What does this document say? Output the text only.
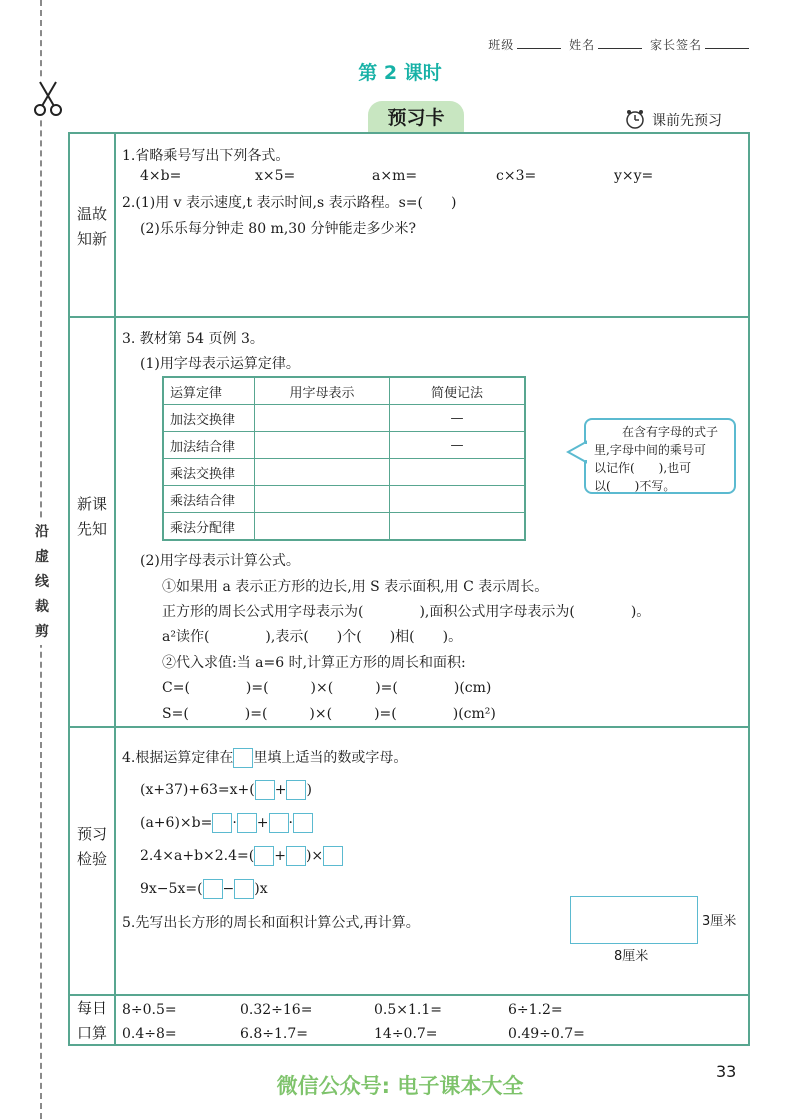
沿
虚
线
裁
剪
班级	姓名	家长签名
第 2 课时
预习卡	课前先预习
温故
知新
新课
先知
预习
检验
每日
口算
1.省略乘号写出下列各式。
4×b=	x×5=	a×m=	c×3=	y×y=
2.(1)用 v 表示速度,t 表示时间,s 表示路程。s=(　　)
(2)乐乐每分钟走 80 m,30 分钟能走多少米?
3. 教材第 54 页例 3。
(1)用字母表示运算定律。
运算定律	用字母表示	简便记法
加法交换律		—
加法结合律		—
乘法交换律		
乘法结合律		
乘法分配律		
在含有字母的式子
里,字母中间的乘号可
以记作(　　),也可
以(　　)不写。
(2)用字母表示计算公式。
①如果用 a 表示正方形的边长,用 S 表示面积,用 C 表示周长。
正方形的周长公式用字母表示为(　　　　),面积公式用字母表示为(　　　　)。
a²读作(　　　　),表示(　　)个(　　)相(　　)。
②代入求值:当 a=6 时,计算正方形的周长和面积:
C=(　　　　)=(　　　)×(　　　)=(　　　　)(cm)
S=(　　　　)=(　　　)×(　　　)=(　　　　)(cm²)
4.根据运算定律在 里填上适当的数或字母。
(x+37)+63=x+( + )
(a+6)×b= · + ·
2.4×a+b×2.4=( + )×
9x−5x=( − )x
5.先写出长方形的周长和面积计算公式,再计算。	3厘米
8厘米
8÷0.5=	0.32÷16=	0.5×1.1=	6÷1.2=
0.4÷8=	6.8÷1.7=	14÷0.7=	0.49÷0.7=
微信公众号: 电子课本大全
33
